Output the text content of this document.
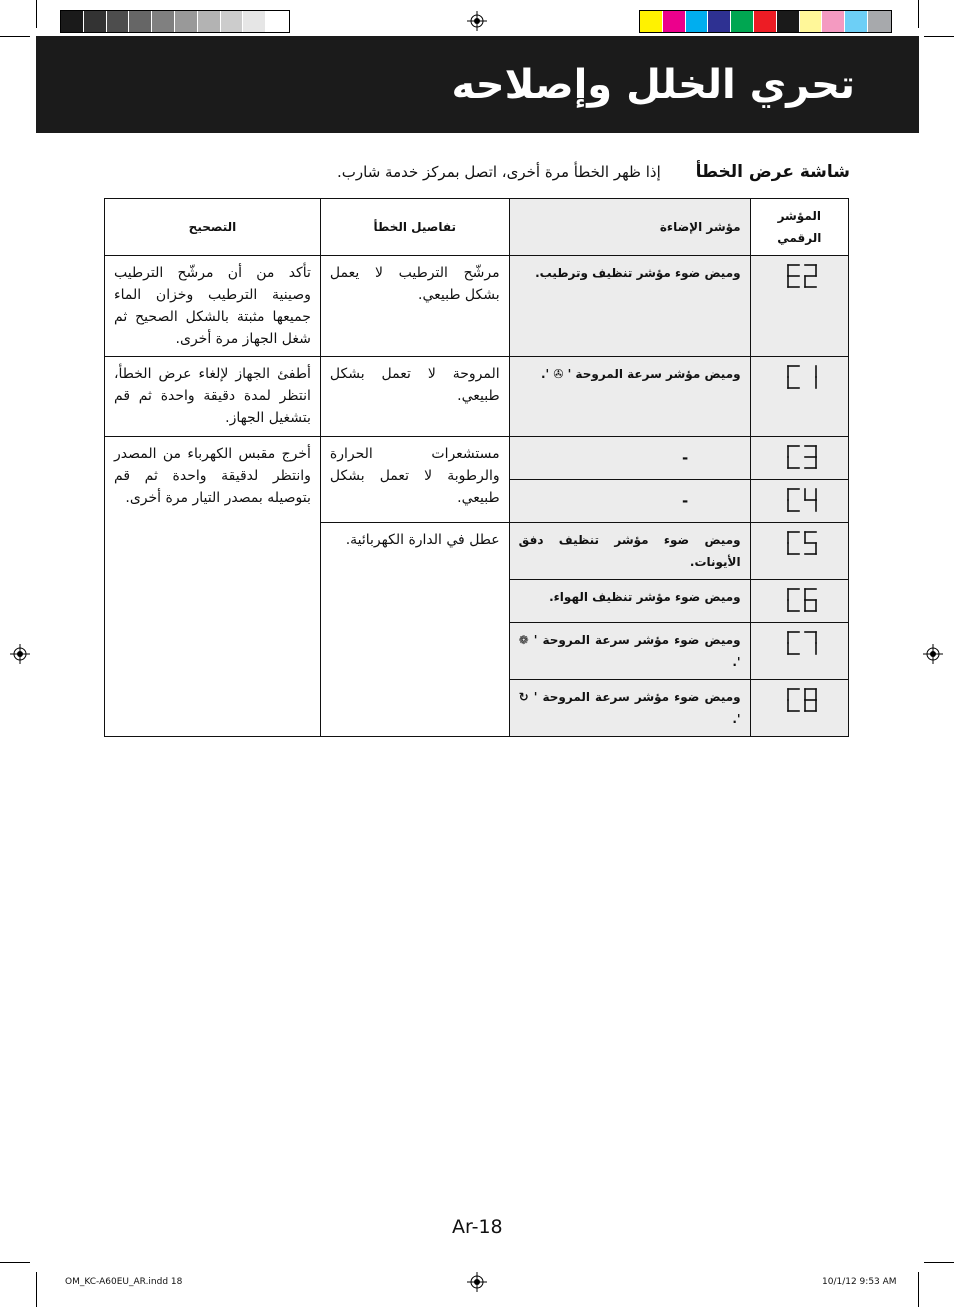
تحري الخلل وإصلاحه
شاشة عرض الخطأ إذا ظهر الخطأ مرة أخرى، اتصل بمركز خدمة شارب.
المؤشر الرقمي	مؤشر الإضاءة	تفاصيل الخطأ	التصحيح

	وميض ضوء مؤشر تنظيف وترطيب.	مرشّح الترطيب لا يعمل بشكل طبيعي.	تأكد من أن مرشّح الترطيب وصينية الترطيب وخزان الماء جميعها مثبتة بالشكل الصحيح ثم شغل الجهاز مرة أخرى.

	وميض مؤشر سرعة المروحة ' ✇ '.	المروحة لا تعمل بشكل طبيعي.	أطفئ الجهاز لإلغاء عرض الخطأ، انتظر لمدة دقيقة واحدة ثم قم بتشغيل الجهاز.

	-	مستشعرات الحرارة والرطوبة لا تعمل بشكل طبيعي.	أخرج مقبس الكهرباء من المصدر وانتظر لدقيقة واحدة ثم قم بتوصيله بمصدر التيار مرة أخرى.

	-		

	وميض ضوء مؤشر تنظيف دفق الأيونات.	عطل في الدارة الكهربائية.	

	وميض ضوء مؤشر تنظيف الهواء.		

	وميض ضوء مؤشر سرعة المروحة ' ❁ '.		

	وميض ضوء مؤشر سرعة المروحة ' ↻ '.		
Ar-18
OM_KC-A60EU_AR.indd 18	10/1/12 9:53 AM
